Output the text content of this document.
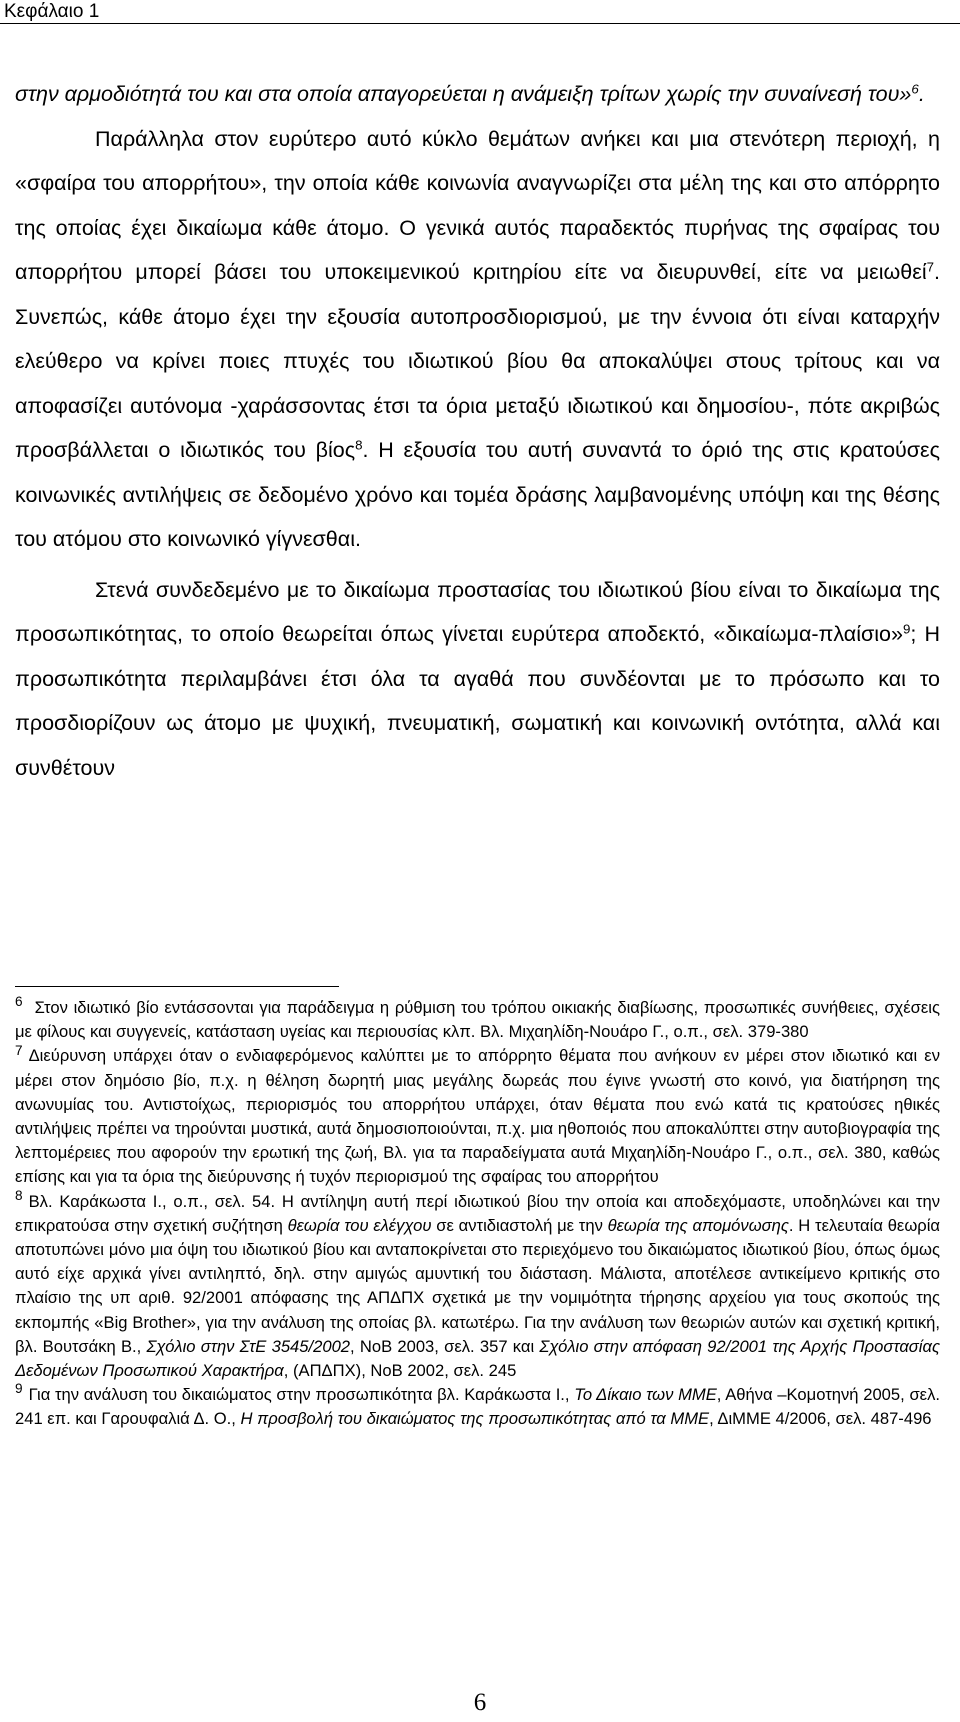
Κεφάλαιο 1

στην αρμοδιότητά του και στα οποία απαγορεύεται η ανάμειξη τρίτων χωρίς την συναίνεσή του»$^6$.

Παράλληλα στον ευρύτερο αυτό κύκλο θεμάτων ανήκει και μια στενότερη περιοχή, η «σφαίρα του απορρήτου», την οποία κάθε κοινωνία αναγνωρίζει στα μέλη της και στο απόρρητο της οποίας έχει δικαίωμα κάθε άτομο. Ο γενικά αυτός παραδεκτός πυρήνας της σφαίρας του απορρήτου μπορεί βάσει του υποκειμενικού κριτηρίου είτε να διευρυνθεί, είτε να μειωθεί$^7$. Συνεπώς, κάθε άτομο έχει την εξουσία αυτοπροσδιορισμού, με την έννοια ότι είναι καταρχήν ελεύθερο να κρίνει ποιες πτυχές του ιδιωτικού βίου θα αποκαλύψει στους τρίτους και να αποφασίζει αυτόνομα -χαράσσοντας έτσι τα όρια μεταξύ ιδιωτικού και δημοσίου-, πότε ακριβώς προσβάλλεται ο ιδιωτικός του βίος$^8$. Η εξουσία του αυτή συναντά το όριό της στις κρατούσες κοινωνικές αντιλήψεις σε δεδομένο χρόνο και τομέα δράσης λαμβανομένης υπόψη και της θέσης του ατόμου στο κοινωνικό γίγνεσθαι.

Στενά συνδεδεμένο με το δικαίωμα προστασίας του ιδιωτικού βίου είναι το δικαίωμα της προσωπικότητας, το οποίο θεωρείται όπως γίνεται ευρύτερα αποδεκτό, «δικαίωμα-πλαίσιο»$^9$; Η προσωπικότητα περιλαμβάνει έτσι όλα τα αγαθά που συνδέονται με το πρόσωπο και το προσδιορίζουν ως άτομο με ψυχική, πνευματική, σωματική και κοινωνική οντότητα, αλλά και συνθέτουν

$^6$ Στον ιδιωτικό βίο εντάσσονται για παράδειγμα η ρύθμιση του τρόπου οικιακής διαβίωσης, προσωπικές συνήθειες, σχέσεις με φίλους και συγγενείς, κατάσταση υγείας και περιουσίας κλπ. Βλ. Μιχαηλίδη-Νουάρο Γ., ο.π., σελ. 379-380

$^7$ Διεύρυνση υπάρχει όταν ο ενδιαφερόμενος καλύπτει με το απόρρητο θέματα που ανήκουν εν μέρει στον ιδιωτικό και εν μέρει στον δημόσιο βίο, π.χ. η θέληση δωρητή μιας μεγάλης δωρεάς που έγινε γνωστή στο κοινό, για διατήρηση της ανωνυμίας του. Αντιστοίχως, περιορισμός του απορρήτου υπάρχει, όταν θέματα που ενώ κατά τις κρατούσες ηθικές αντιλήψεις πρέπει να τηρούνται μυστικά, αυτά δημοσιοποιούνται, π.χ. μια ηθοποιός που αποκαλύπτει στην αυτοβιογραφία της λεπτομέρειες που αφορούν την ερωτική της ζωή, Βλ. για τα παραδείγματα αυτά Μιχαηλίδη-Νουάρο Γ., ο.π., σελ. 380, καθώς επίσης και για τα όρια της διεύρυνσης ή τυχόν περιορισμού της σφαίρας του απορρήτου

$^8$ Βλ. Καράκωστα Ι., ο.π., σελ. 54. Η αντίληψη αυτή περί ιδιωτικού βίου την οποία και αποδεχόμαστε, υποδηλώνει και την επικρατούσα στην σχετική συζήτηση θεωρία του ελέγχου σε αντιδιαστολή με την θεωρία της απομόνωσης. Η τελευταία θεωρία αποτυπώνει μόνο μια όψη του ιδιωτικού βίου και ανταποκρίνεται στο περιεχόμενο του δικαιώματος ιδιωτικού βίου, όπως όμως αυτό είχε αρχικά γίνει αντιληπτό, δηλ. στην αμιγώς αμυντική του διάσταση. Μάλιστα, αποτέλεσε αντικείμενο κριτικής στο πλαίσιο της υπ αριθ. 92/2001 απόφασης της ΑΠΔΠΧ σχετικά με την νομιμότητα τήρησης αρχείου για τους σκοπούς της εκπομπής «Big Brother», για την ανάλυση της οποίας βλ. κατωτέρω. Για την ανάλυση των θεωριών αυτών και σχετική κριτική, βλ. Βουτσάκη Β., Σχόλιο στην ΣτΕ 3545/2002, ΝοΒ 2003, σελ. 357 και Σχόλιο στην απόφαση 92/2001 της Αρχής Προστασίας Δεδομένων Προσωπικού Χαρακτήρα, (ΑΠΔΠΧ), ΝοΒ 2002, σελ. 245

$^9$ Για την ανάλυση του δικαιώματος στην προσωπικότητα βλ. Καράκωστα Ι., Το Δίκαιο των ΜΜΕ, Αθήνα –Κομοτηνή 2005, σελ. 241 επ. και Γαρουφαλιά Δ. Ο., Η προσβολή του δικαιώματος της προσωπικότητας από τα ΜΜΕ, ΔιΜΜΕ 4/2006, σελ. 487-496

6
